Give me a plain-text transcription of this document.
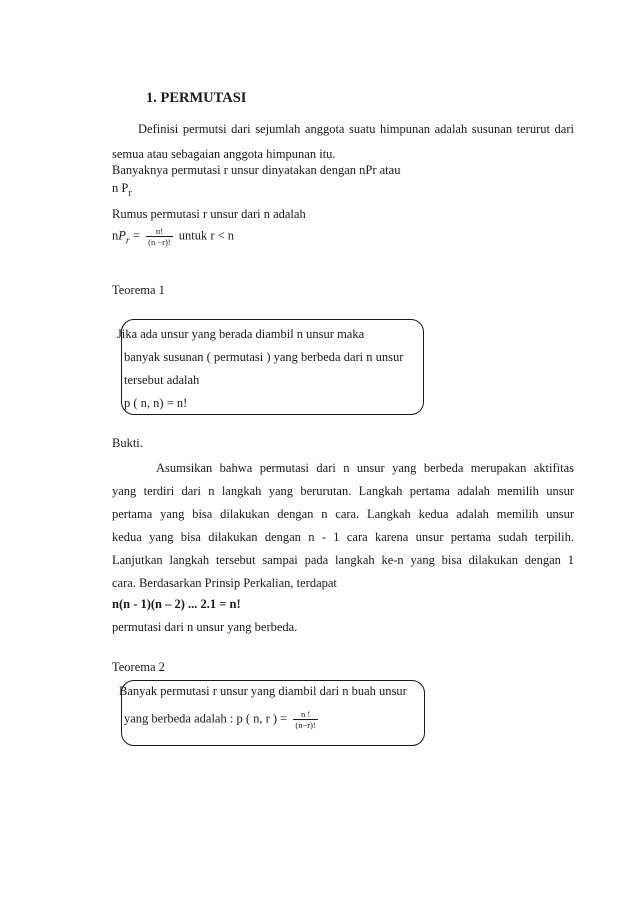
1. PERMUTASI
Definisi permutsi dari sejumlah anggota suatu himpunan adalah susunan terurut dari
semua atau sebagaian anggota himpunan itu.
Banyaknya permutasi r unsur dinyatakan dengan nPr atau
n $P_r$
Rumus permutasi r unsur dari n adalah
$nP_r = \frac{n!}{(n -r)!}$ untuk r < n
Teorema 1
Jika ada unsur yang berada diambil n unsur maka
banyak susunan ( permutasi ) yang berbeda dari n unsur
tersebut adalah
p ( n, n) = n!
Bukti.
Asumsikan bahwa permutasi dari n unsur yang berbeda merupakan aktifitas
yang terdiri dari n langkah yang berurutan. Langkah pertama adalah memilih unsur
pertama yang bisa dilakukan dengan n cara. Langkah kedua adalah memilih unsur
kedua yang bisa dilakukan dengan n - 1 cara karena unsur pertama sudah terpilih.
Lanjutkan langkah tersebut sampai pada langkah ke-n yang bisa dilakukan dengan 1
cara. Berdasarkan Prinsip Perkalian, terdapat
n(n - 1)(n – 2) ... 2.1 = n!
permutasi dari n unsur yang berbeda.
Teorema 2
Banyak permutasi r unsur yang diambil dari n buah unsur
yang berbeda adalah : p ( n, r ) = $\frac{n !}{(n-r)!}$
